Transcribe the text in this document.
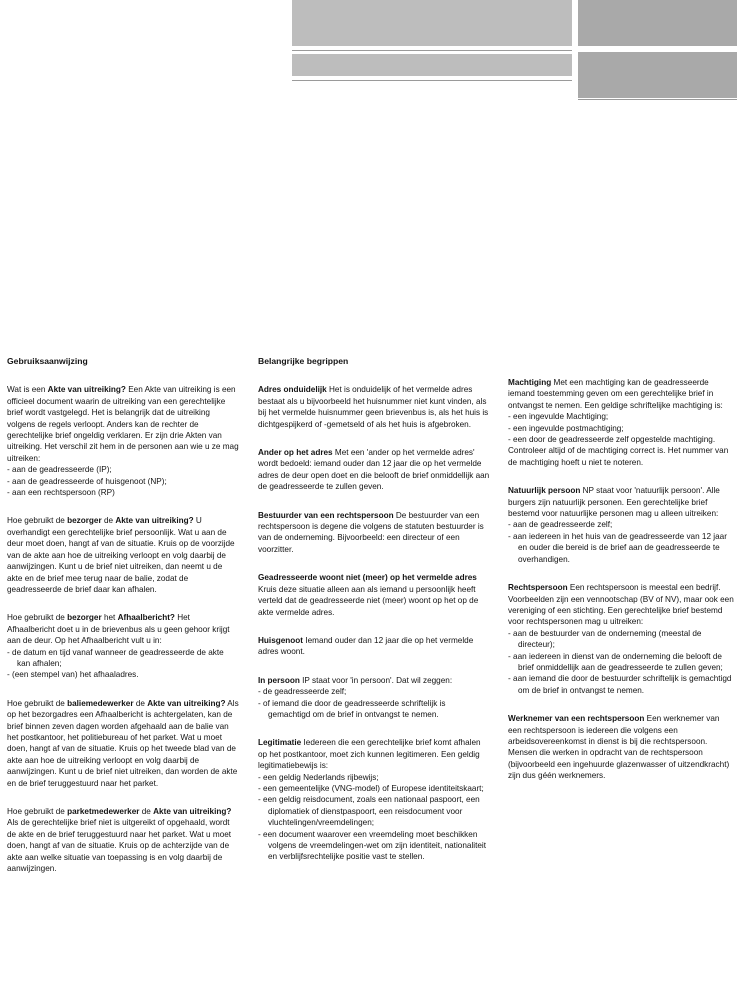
Gebruiksaanwijzing

Wat is een Akte van uitreiking? Een Akte van uitreiking is een officieel document waarin de uitreiking van een gerechtelijke brief wordt vastgelegd. Het is belangrijk dat de uitreiking volgens de regels verloopt. Anders kan de rechter de gerechtelijke brief ongeldig verklaren. Er zijn drie Akten van uitreiking. Het verschil zit hem in de personen aan wie u ze mag uitreiken:

- aan de geadresseerde (IP);
- aan de geadresseerde of huisgenoot (NP);
- aan een rechtspersoon (RP)

Hoe gebruikt de bezorger de Akte van uitreiking? U overhandigt een gerechtelijke brief persoonlijk. Wat u aan de deur moet doen, hangt af van de situatie. Kruis op de voorzijde van de akte aan hoe de uitreiking verloopt en volg daarbij de aanwijzingen. Kunt u de brief niet uitreiken, dan neemt u de akte en de brief mee terug naar de balie, zodat de geadresseerde de brief daar kan afhalen.

Hoe gebruikt de bezorger het Afhaalbericht? Het Afhaalbericht doet u in de brievenbus als u geen gehoor krijgt aan de deur. Op het Afhaalbericht vult u in:

- de datum en tijd vanaf wanneer de geadresseerde de akte kan afhalen;
- (een stempel van) het afhaaladres.

Hoe gebruikt de baliemedewerker de Akte van uitreiking? Als op het bezorgadres een Afhaalbericht is achtergelaten, kan de brief binnen zeven dagen worden afgehaald aan de balie van het postkantoor, het politiebureau of het parket. Wat u moet doen, hangt af van de situatie. Kruis op het tweede blad van de akte aan hoe de uitreiking verloopt en volg daarbij de aanwijzingen. Kunt u de brief niet uitreiken, dan worden de akte en de brief teruggestuurd naar het parket.

Hoe gebruikt de parketmedewerker de Akte van uitreiking? Als de gerechtelijke brief niet is uitgereikt of opgehaald, wordt de akte en de brief teruggestuurd naar het parket. Wat u moet doen, hangt af van de situatie. Kruis op de achterzijde van de akte aan welke situatie van toepassing is en volg daarbij de aanwijzingen.

Belangrijke begrippen

Adres onduidelijk Het is onduidelijk of het vermelde adres bestaat als u bijvoorbeeld het huisnummer niet kunt vinden, als bij het vermelde huisnummer geen brievenbus is, als het huis is dichtgespijkerd of -gemetseld of als het huis is afgebroken.

Ander op het adres Met een 'ander op het vermelde adres' wordt bedoeld: iemand ouder dan 12 jaar die op het vermelde adres de deur open doet en die belooft de brief onmiddellijk aan de geadresseerde te zullen geven.

Bestuurder van een rechtspersoon De bestuurder van een rechtspersoon is degene die volgens de statuten bestuurder is van de onderneming. Bijvoorbeeld: een directeur of een voorzitter.

Geadresseerde woont niet (meer) op het vermelde adres Kruis deze situatie alleen aan als iemand u persoonlijk heeft verteld dat de geadresseerde niet (meer) woont op het op de akte vermelde adres.

Huisgenoot Iemand ouder dan 12 jaar die op het vermelde adres woont.

In persoon IP staat voor 'in persoon'. Dat wil zeggen:

- de geadresseerde zelf;
- of iemand die door de geadresseerde schriftelijk is gemachtigd om de brief in ontvangst te nemen.

Legitimatie Iedereen die een gerechtelijke brief komt afhalen op het postkantoor, moet zich kunnen legitimeren. Een geldig legitimatiebewijs is:

- een geldig Nederlands rijbewijs;
- een gemeentelijke (VNG-model) of Europese identiteitskaart;
- een geldig reisdocument, zoals een nationaal paspoort, een diplomatiek of dienstpaspoort, een reisdocument voor vluchtelingen/vreemdelingen;
- een document waarover een vreemdeling moet beschikken volgens de vreemdelingen-wet om zijn identiteit, nationaliteit en verblijfsrechtelijke positie vast te stellen.

Machtiging Met een machtiging kan de geadresseerde iemand toestemming geven om een gerechtelijke brief in ontvangst te nemen. Een geldige schriftelijke machtiging is:

- een ingevulde Machtiging;
- een ingevulde postmachtiging;
- een door de geadresseerde zelf opgestelde machtiging.

Controleer altijd of de machtiging correct is. Het nummer van de machtiging hoeft u niet te noteren.

Natuurlijk persoon NP staat voor 'natuurlijk persoon'. Alle burgers zijn natuurlijk personen. Een gerechtelijke brief bestemd voor natuurlijke personen mag u alleen uitreiken:

- aan de geadresseerde zelf;
- aan iedereen in het huis van de geadresseerde van 12 jaar en ouder die bereid is de brief aan de geadresseerde te overhandigen.

Rechtspersoon Een rechtspersoon is meestal een bedrijf. Voorbeelden zijn een vennootschap (BV of NV), maar ook een vereniging of een stichting. Een gerechtelijke brief bestemd voor rechtspersonen mag u uitreiken:

- aan de bestuurder van de onderneming (meestal de directeur);
- aan iedereen in dienst van de onderneming die belooft de brief onmiddellijk aan de geadresseerde te zullen geven;
- aan iemand die door de bestuurder schriftelijk is gemachtigd om de brief in ontvangst te nemen.

Werknemer van een rechtspersoon Een werknemer van een rechtspersoon is iedereen die volgens een arbeidsovereenkomst in dienst is bij die rechtspersoon. Mensen die werken in opdracht van de rechtspersoon (bijvoorbeeld een ingehuurde glazenwasser of uitzendkracht) zijn dus géén werknemers.
